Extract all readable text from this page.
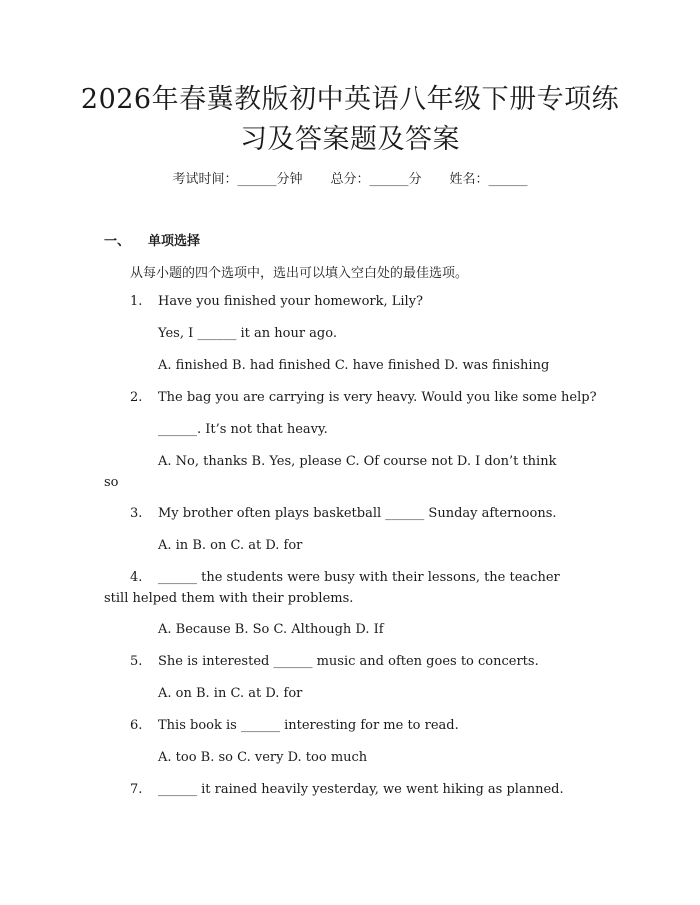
2026年春冀教版初中英语八年级下册专项练
习及答案题及答案
考试时间：______分钟 总分：______分 姓名：______
一、 单项选择
从每小题的四个选项中，选出可以填入空白处的最佳选项。
1. Have you finished your homework, Lily?
Yes, I ______ it an hour ago.
A. finished B. had finished C. have finished D. was finishing
2. The bag you are carrying is very heavy. Would you like some help?
______. It’s not that heavy.
A. No, thanks B. Yes, please C. Of course not D. I don’t think
so
3. My brother often plays basketball ______ Sunday afternoons.
A. in B. on C. at D. for
4. ______ the students were busy with their lessons, the teacher
still helped them with their problems.
A. Because B. So C. Although D. If
5. She is interested ______ music and often goes to concerts.
A. on B. in C. at D. for
6. This book is ______ interesting for me to read.
A. too B. so C. very D. too much
7. ______ it rained heavily yesterday, we went hiking as planned.
